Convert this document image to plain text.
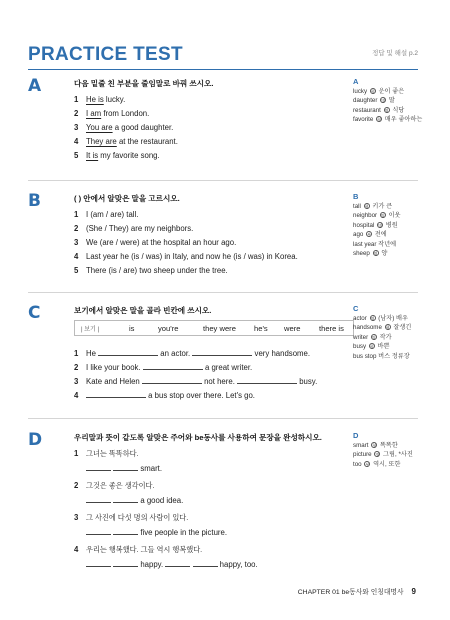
PRACTICE TEST	정답 및 해설 p.2
A	다음 밑줄 친 부분을 줄임말로 바꿔 쓰시오.
1 He is lucky.
2 I am from London.
3 You are a good daughter.
4 They are at the restaurant.
5 It is my favorite song.
A
lucky 형 운이 좋은
daughter 명 딸
restaurant 명 식당
favorite 형 매우 좋아하는
B	( ) 안에서 알맞은 말을 고르시오.
1 I (am / are) tall.
2 (She / They) are my neighbors.
3 We (are / were) at the hospital an hour ago.
4 Last year he (is / was) in Italy, and now he (is / was) in Korea.
5 There (is / are) two sheep under the tree.
B
tall 형 키가 큰
neighbor 명 이웃
hospital 명 병원
ago 부 전에
last year 작년에
sheep 명 양
C	보기에서 알맞은 말을 골라 빈칸에 쓰시오.
| 보기 |	is	you're	they were he's were there is
1 He	an actor.	very handsome.
2 I like your book.	a great writer.
3 Kate and Helen	not here.	busy.
4	a bus stop over there. Let's go.
C
actor 명 (남자) 배우
handsome 형 잘생긴
writer 명 작가
busy 형 바쁜
bus stop 버스 정류장
D	우리말과 뜻이 같도록 알맞은 주어와 be동사를 사용하여 문장을 완성하시오.
1 그녀는 똑똑하다.
smart.
2 그것은 좋은 생각이다.
a good idea.
3 그 사진에 다섯 명의 사람이 있다.
five people in the picture.
4 우리는 행복했다. 그들 역시 행복했다.
happy.	happy, too.
D
smart 형 똑똑한
picture 명 그림, *사진
too 부 역시, 또한
CHAPTER 01 be동사와 인칭대명사 9
